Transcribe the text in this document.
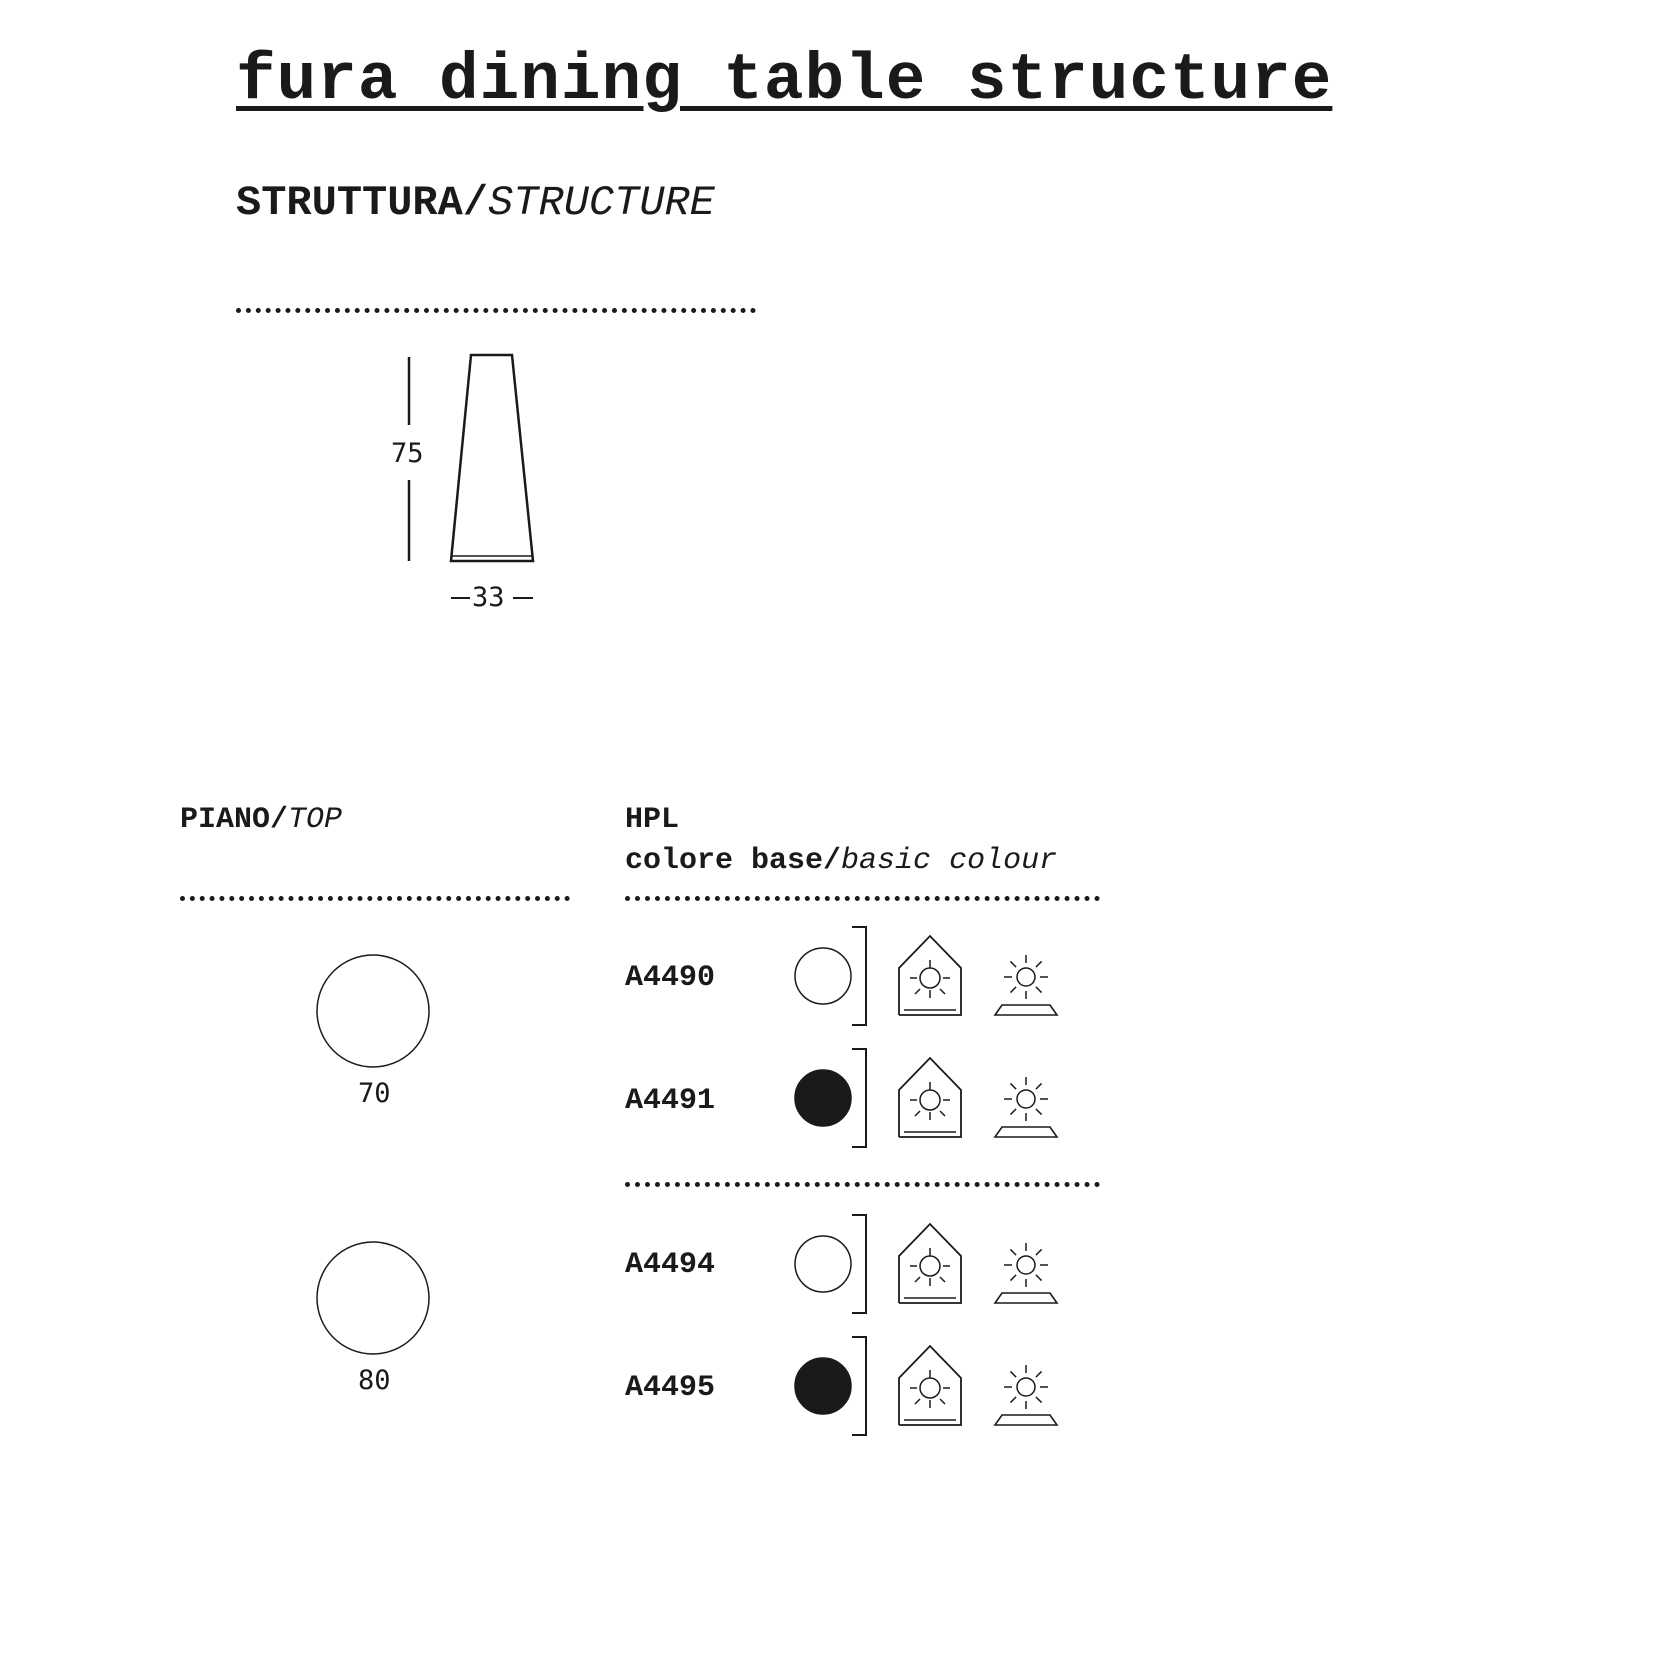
fura dining table structure
STRUTTURA/STRUCTURE
75
33
PIANO/TOP
70
80
HPL
colore base/basic colour
A4490
A4491
A4494
A4495
